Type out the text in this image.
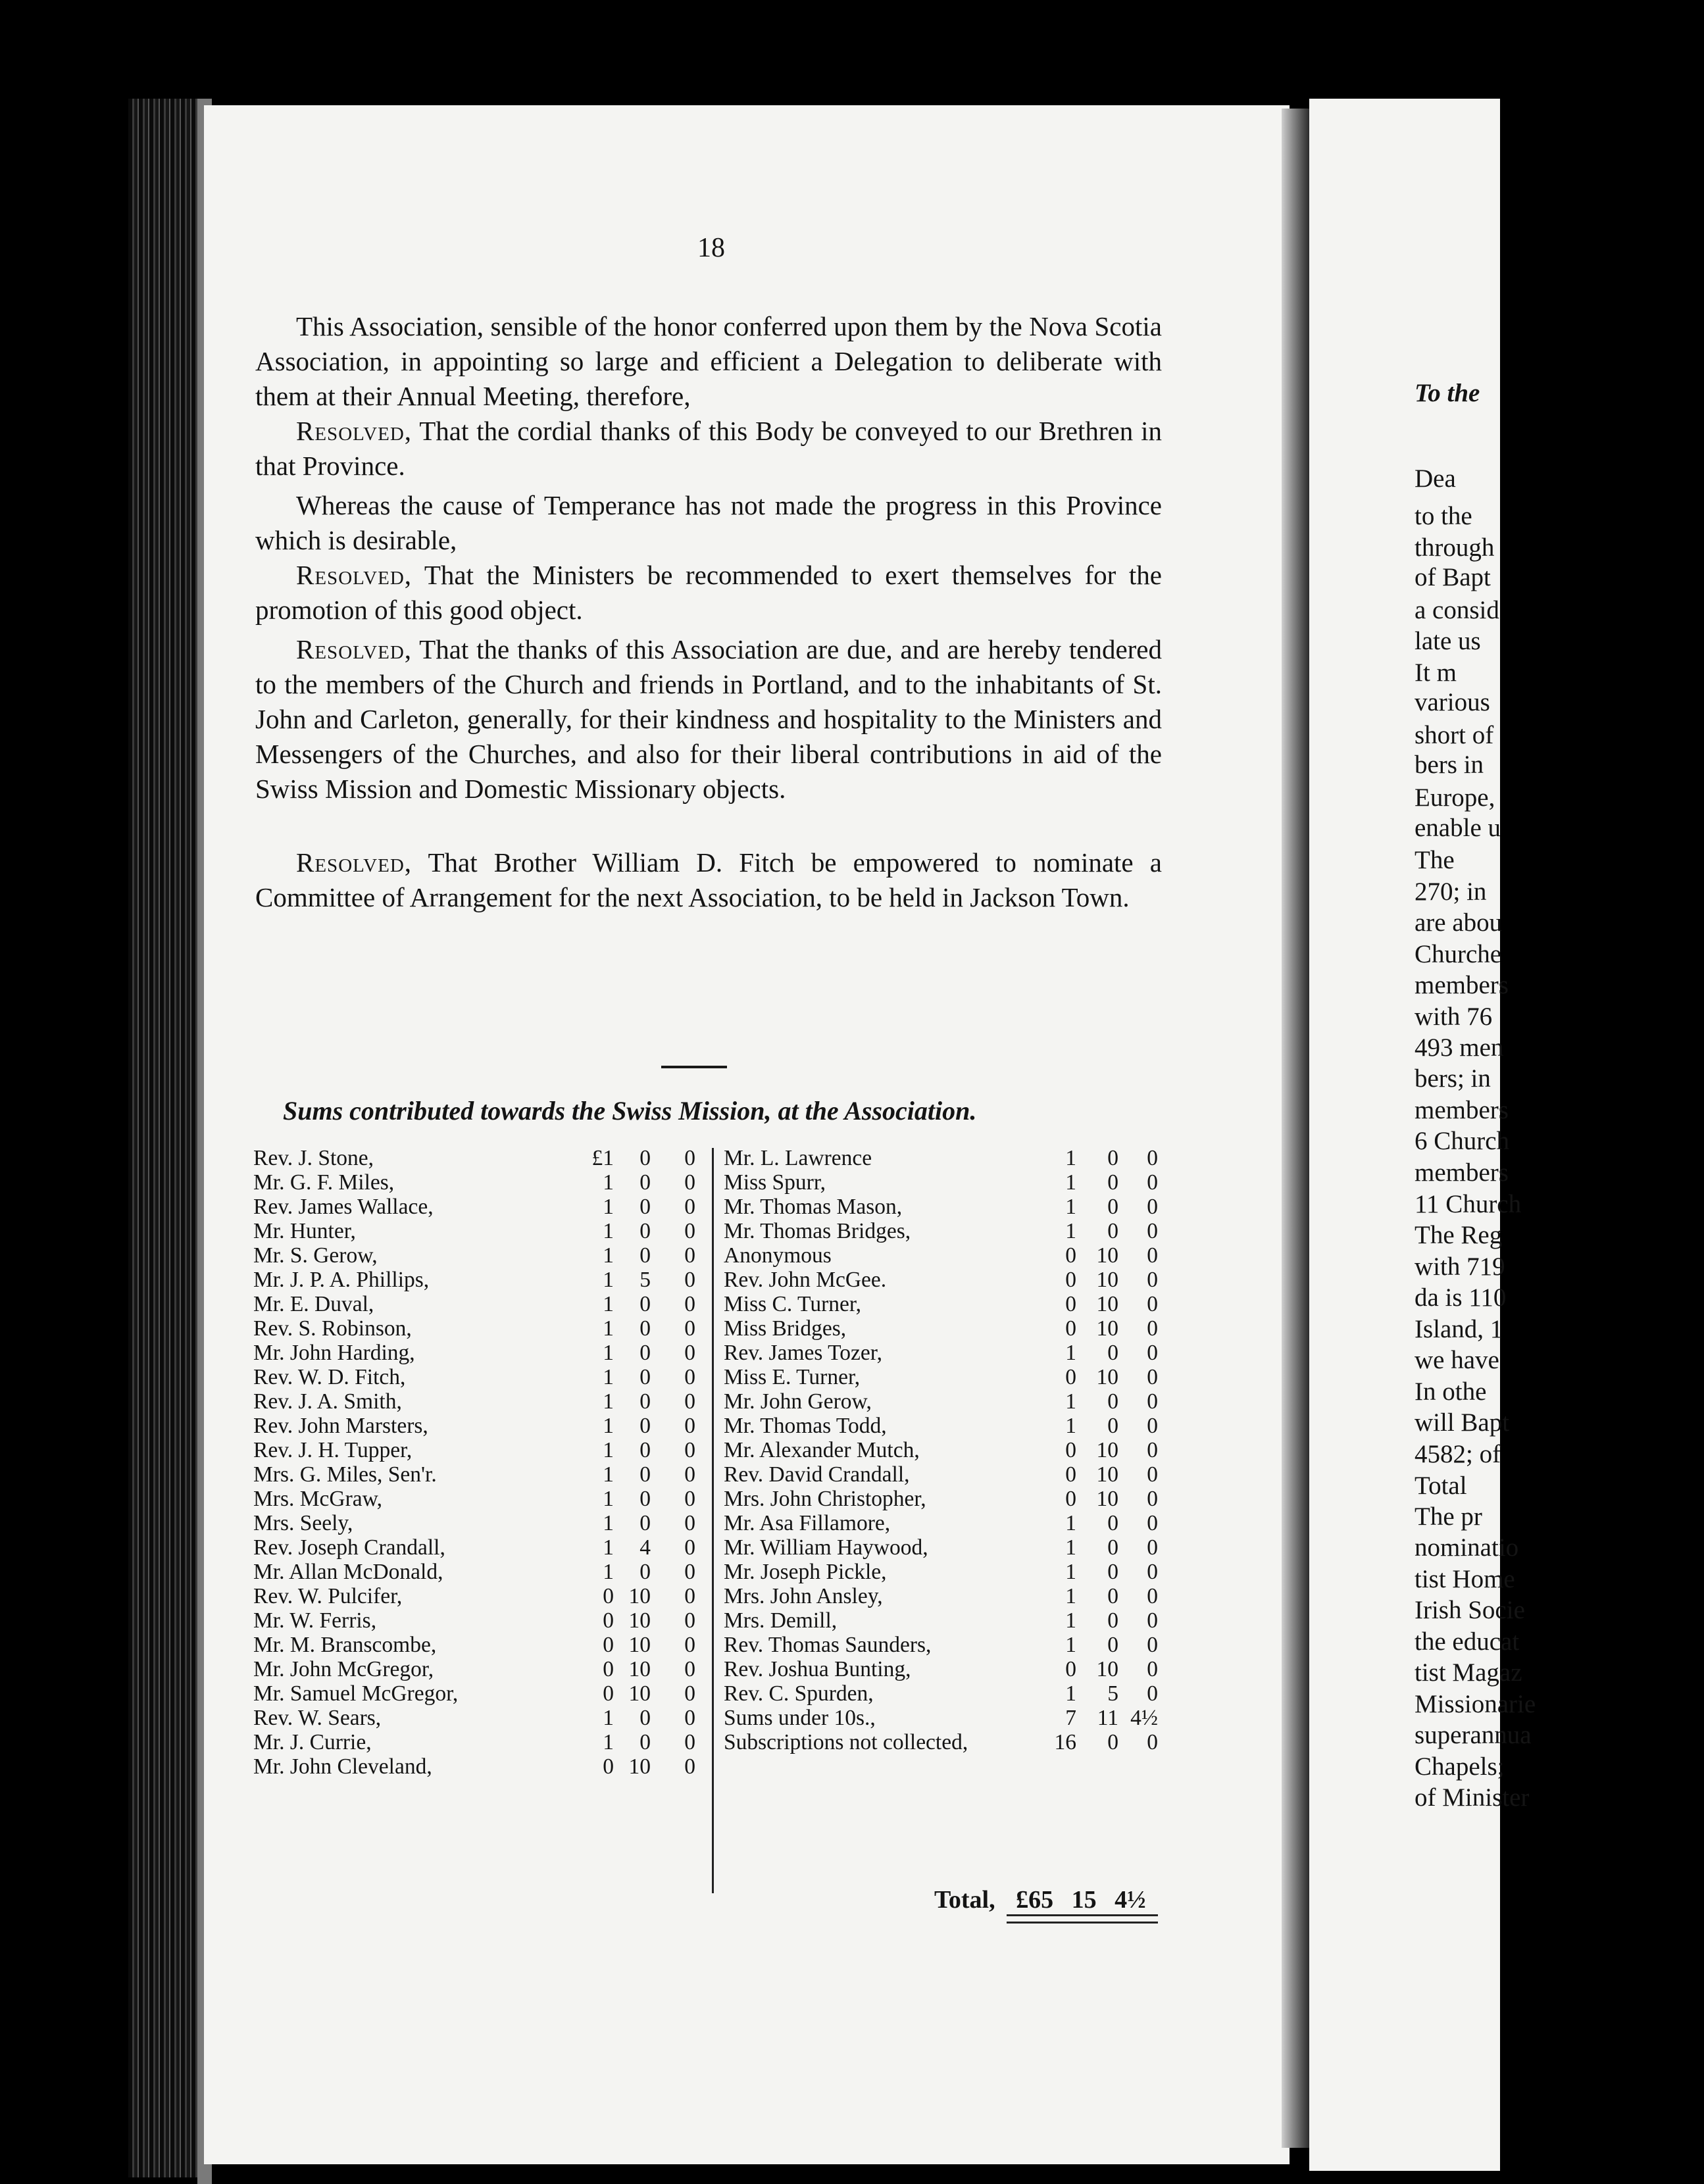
18

This Association, sensible of the honor conferred upon them by the Nova Scotia Association, in appointing so large and efficient a Delegation to deliberate with them at their Annual Meeting, therefore,

Resolved, That the cordial thanks of this Body be conveyed to our Brethren in that Province.

Whereas the cause of Temperance has not made the progress in this Province which is desirable,

Resolved, That the Ministers be recommended to exert themselves for the promotion of this good object.

Resolved, That the thanks of this Association are due, and are hereby tendered to the members of the Church and friends in Portland, and to the inhabitants of St. John and Carleton, generally, for their kindness and hospitality to the Ministers and Messengers of the Churches, and also for their liberal contributions in aid of the Swiss Mission and Domestic Missionary objects.

Resolved, That Brother William D. Fitch be empowered to nominate a Committee of Arrangement for the next Association, to be held in Jackson Town.

Sums contributed towards the Swiss Mission, at the Association.
Rev. J. Stone,	£1 0 0
Mr. G. F. Miles,	1 0 0
Rev. James Wallace,	1 0 0
Mr. Hunter,	1 0 0
Mr. S. Gerow,	1 0 0
Mr. J. P. A. Phillips,	1 5 0
Mr. E. Duval,	1 0 0
Rev. S. Robinson,	1 0 0
Mr. John Harding,	1 0 0
Rev. W. D. Fitch,	1 0 0
Rev. J. A. Smith,	1 0 0
Rev. John Marsters,	1 0 0
Rev. J. H. Tupper,	1 0 0
Mrs. G. Miles, Sen'r.	1 0 0
Mrs. McGraw,	1 0 0
Mrs. Seely,	1 0 0
Rev. Joseph Crandall,	1 4 0
Mr. Allan McDonald,	1 0 0
Rev. W. Pulcifer,	0 10 0
Mr. W. Ferris,	0 10 0
Mr. M. Branscombe,	0 10 0
Mr. John McGregor,	0 10 0
Mr. Samuel McGregor,	0 10 0
Rev. W. Sears,	1 0 0
Mr. J. Currie,	1 0 0
Mr. John Cleveland,	0 10 0
Mr. L. Lawrence	1 0 0
Miss Spurr,	1 0 0
Mr. Thomas Mason,	1 0 0
Mr. Thomas Bridges,	1 0 0
Anonymous	0 10 0
Rev. John McGee.	0 10 0
Miss C. Turner,	0 10 0
Miss Bridges,	0 10 0
Rev. James Tozer,	1 0 0
Miss E. Turner,	0 10 0
Mr. John Gerow,	1 0 0
Mr. Thomas Todd,	1 0 0
Mr. Alexander Mutch,	0 10 0
Rev. David Crandall,	0 10 0
Mrs. John Christopher,	0 10 0
Mr. Asa Fillamore,	1 0 0
Mr. William Haywood,	1 0 0
Mr. Joseph Pickle,	1 0 0
Mrs. John Ansley,	1 0 0
Mrs. Demill,	1 0 0
Rev. Thomas Saunders,	1 0 0
Rev. Joshua Bunting,	0 10 0
Rev. C. Spurden,	1 5 0
Sums under 10s.,	7 11 4½
Subscriptions not collected,	16 0 0
Total, £65 15 4½
To the
Dea
to the
through
of Bapt
a consid
late us
It m
various
short of
bers in
Europe,
enable u
The
270; in
are abou
Churche
members
with 76
493 men
bers; in
members
6 Church
members
11 Church
The Reg
with 719
da is 110
Island, 1
we have
In othe
will Bapt
4582; of
Total
The pr
nominatio
tist Home
Irish Socie
the educat
tist Magaz
Missionarie
superannua
Chapels;
of Minister
